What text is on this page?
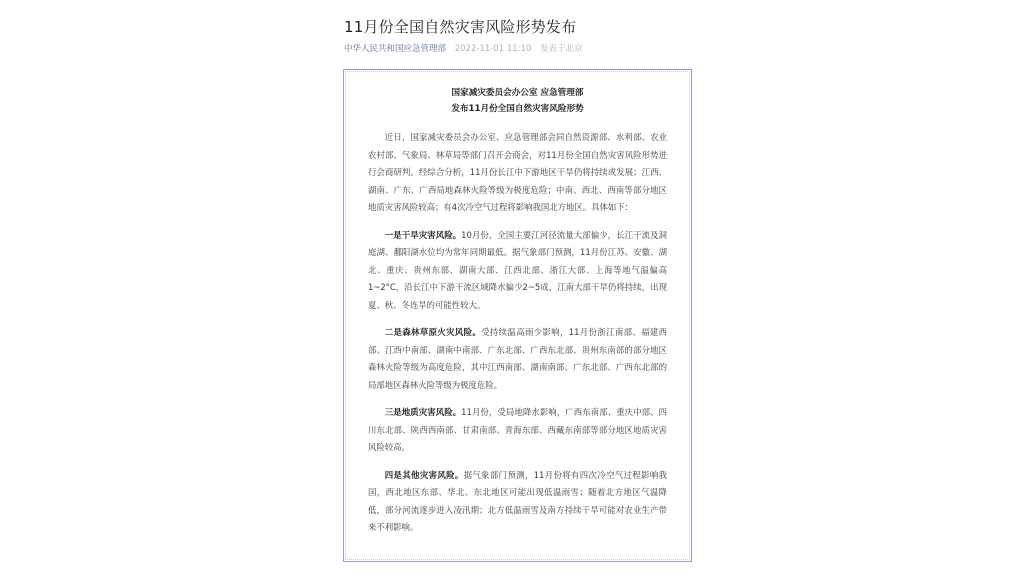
11月份全国自然灾害风险形势发布
中华人民共和国应急管理部 2022-11-01 11:10 发表于北京
国家减灾委员会办公室 应急管理部
发布11月份全国自然灾害风险形势

近日，国家减灾委员会办公室、应急管理部会同自然资源部、水利部、农业农村部、气象局、林草局等部门召开会商会，对11月份全国自然灾害风险形势进行会商研判。经综合分析，11月份长江中下游地区干旱仍将持续或发展；江西、湖南、广东、广西局地森林火险等级为极度危险；中南、西北、西南等部分地区地质灾害风险较高；有4次冷空气过程将影响我国北方地区。具体如下：

一是干旱灾害风险。10月份，全国主要江河径流量大部偏少，长江干流及洞庭湖、鄱阳湖水位均为常年同期最低。据气象部门预测，11月份江苏、安徽、湖北、重庆、贵州东部、湖南大部、江西北部、浙江大部、上海等地气温偏高1~2°C，沿长江中下游干流区域降水偏少2~5成，江南大部干旱仍将持续，出现夏、秋、冬连旱的可能性较大。

二是森林草原火灾风险。受持续温高雨少影响，11月份浙江南部、福建西部、江西中南部、湖南中南部、广东北部、广西东北部、贵州东南部的部分地区森林火险等级为高度危险，其中江西南部、湖南南部、广东北部、广西东北部的局部地区森林火险等级为极度危险。

三是地质灾害风险。11月份，受局地降水影响，广西东南部、重庆中部、四川东北部、陕西西南部、甘肃南部、青海东部、西藏东南部等部分地区地质灾害风险较高。

四是其他灾害风险。据气象部门预测，11月份将有四次冷空气过程影响我国，西北地区东部、华北、东北地区可能出现低温雨雪；随着北方地区气温降低，部分河流逐步进入凌汛期；北方低温雨雪及南方持续干旱可能对农业生产带来不利影响。
